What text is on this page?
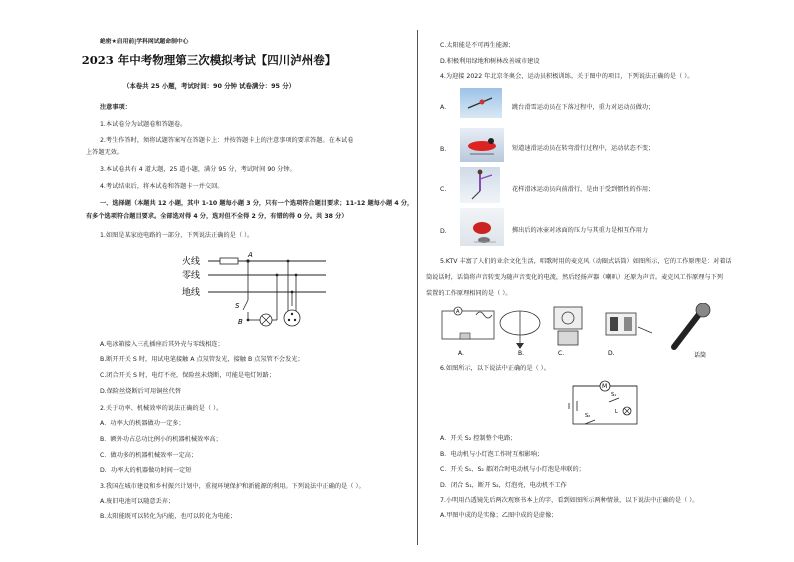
絶密★启用前|学科网试题命制中心
2023 年中考物理第三次模拟考试【四川泸州卷】
（本卷共 25 小题，考试时间：90 分钟 试卷满分：95 分）
注意事项：
1.本试卷分为试题卷和答题卷。
2.考生作答时，须将试题答案写在答题卡上：并按答题卡上的注意事项的要求答题。在本试卷
上答题无效。
3.本试卷共有 4 道大题，25 道小题，满分 95 分，考试时间 90 分钟。
4.考试结束后，将本试卷和答题卡一并交回。
一、选择题（本题共 12 小题，其中 1-10 题每小题 3 分，只有一个选项符合题目要求；11-12 题每小题 4 分，
有多个选项符合题目要求。全部选对得 4 分，选对但不全得 2 分，有错的得 0 分。共 38 分）
1.如图是某家庭电路的一部分，下列说法正确的是（ ）。
火线
零线
地线
A
S
B
A.电冰箱接入三孔插座后其外壳与零线相连；
B.断开开关 S 时，用试电笔接触 A 点氖管发光，接触 B 点氖管不会发光；
C.闭合开关 S 时，电灯不亮，保险丝未烧断，可能是电灯短路；
D.保险丝烧断后可用铜丝代替
2.关于功率、机械效率的说法正确的是（ ）。
A．功率大的机器做功一定多；
B．额外功占总功比例小的机器机械效率高；
C．做功多的机器机械效率一定高；
D．功率大的机器做功时间一定短
3.我国在城市建设和乡村振兴计划中，重视环境保护和新能源的利用。下列说法中正确的是（ ）。
A.废旧电池可以随意丢弃；
B.太阳能既可以转化为内能，也可以转化为电能；
C.太阳能是不可再生能源；
D.积极利用绿地和树林改善城市建设
4.为迎接 2022 年北京冬奥会，运动员积极训练。关于图中的项目，下列说法正确的是（ ）。
A.	跳台滑雪运动员在下落过程中，重力对运动员做功；
B.	短道速滑运动员在转弯滑行过程中，运动状态不变；
C.	花样滑冰运动员向前滑行，是由于受到惯性的作用；
D.	掷出后的冰壶对冰面的压力与其重力是相互作用力
5.KTV 丰富了人们的业余文化生活，唱歌时用的麦克风（动圈式话筒）如图所示，它的工作原理是：对着话
筒说话时，话筒将声音转变为随声音变化的电流，然后经扬声器（喇叭）还原为声音。麦克风工作原理与下列
装置的工作原理相同的是（ ）。
A
A.	B.	C.	D.	话筒
6.如图所示，以下说法中正确的是（ ）。
M
S₁
S₂
L
A．开关 S₂ 控制整个电路；
B．电动机与小灯泡工作时互相影响；
C．开关 S₁、S₂ 都闭合时电动机与小灯泡是串联的；
D．闭合 S₁，断开 S₂，灯泡亮，电动机不工作
7.小明用凸透镜先后两次观察书本上的字，看到如图所示两种情景，以下说法中正确的是（ ）。
A.甲图中成的是实像；乙图中成的是虚像；
